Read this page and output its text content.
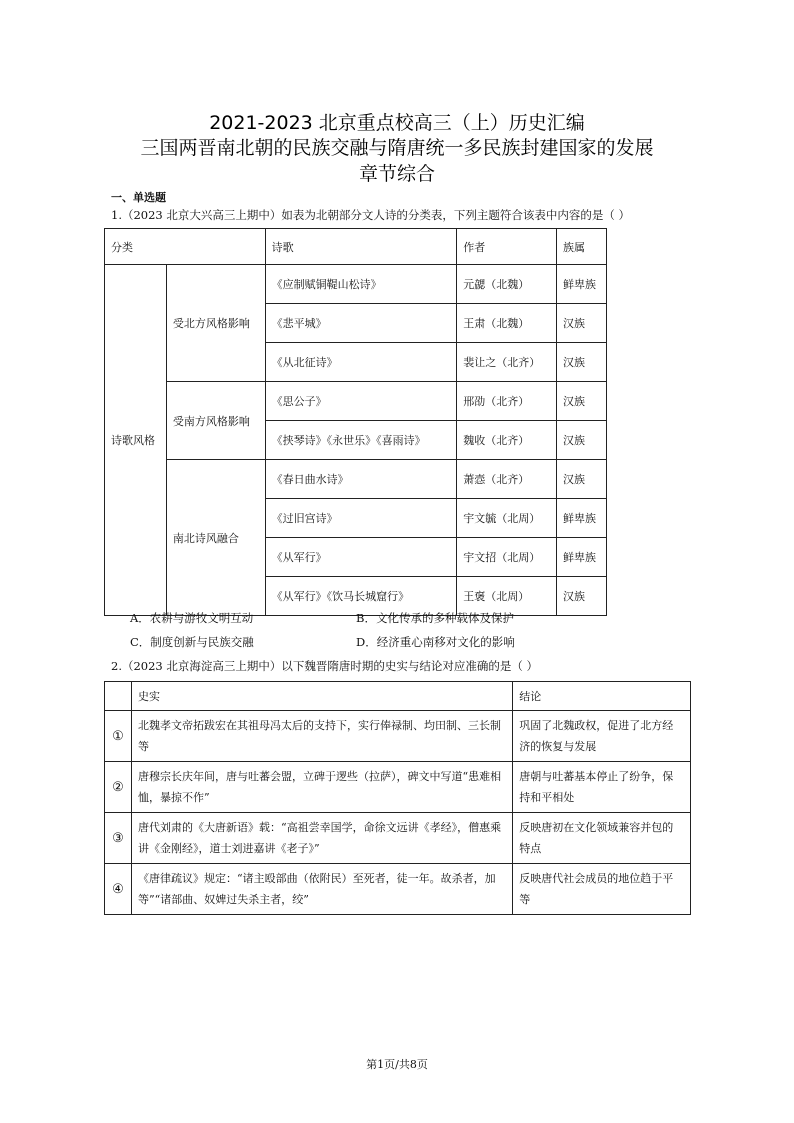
2021-2023 北京重点校高三（上）历史汇编
三国两晋南北朝的民族交融与隋唐统一多民族封建国家的发展
章节综合
一、单选题
1.（2023 北京大兴高三上期中）如表为北朝部分文人诗的分类表，下列主题符合该表中内容的是（ ）
分类		诗歌	作者	族属
诗歌风格	受北方风格影响	《应制赋铜鞮山松诗》	元勰（北魏）	鲜卑族
		《悲平城》	王肃（北魏）	汉族
		《从北征诗》	裴让之（北齐）	汉族
	受南方风格影响	《思公子》	邢劭（北齐）	汉族
		《挟琴诗》《永世乐》《喜雨诗》	魏收（北齐）	汉族
	南北诗风融合	《春日曲水诗》	萧悫（北齐）	汉族
		《过旧宫诗》	宇文毓（北周）	鲜卑族
		《从军行》	宇文招（北周）	鲜卑族
		《从军行》《饮马长城窟行》	王褒（北周）	汉族
A．农耕与游牧文明互动	B．文化传承的多种载体及保护
C．制度创新与民族交融	D．经济重心南移对文化的影响
2.（2023 北京海淀高三上期中）以下魏晋隋唐时期的史实与结论对应准确的是（ ）
	史实	结论
①	北魏孝文帝拓跋宏在其祖母冯太后的支持下，实行俸禄制、均田制、三长制等	巩固了北魏政权，促进了北方经济的恢复与发展
②	唐穆宗长庆年间，唐与吐蕃会盟，立碑于逻些（拉萨），碑文中写道“患难相恤，暴掠不作”	唐朝与吐蕃基本停止了纷争，保持和平相处
③	唐代刘肃的《大唐新语》载：“高祖尝幸国学，命徐文远讲《孝经》，僧惠乘讲《金刚经》，道士刘进嘉讲《老子》”	反映唐初在文化领域兼容并包的特点
④	《唐律疏议》规定：“诸主殴部曲（依附民）至死者，徒一年。故杀者，加等”“诸部曲、奴婢过失杀主者，绞”	反映唐代社会成员的地位趋于平等
第1页/共8页
